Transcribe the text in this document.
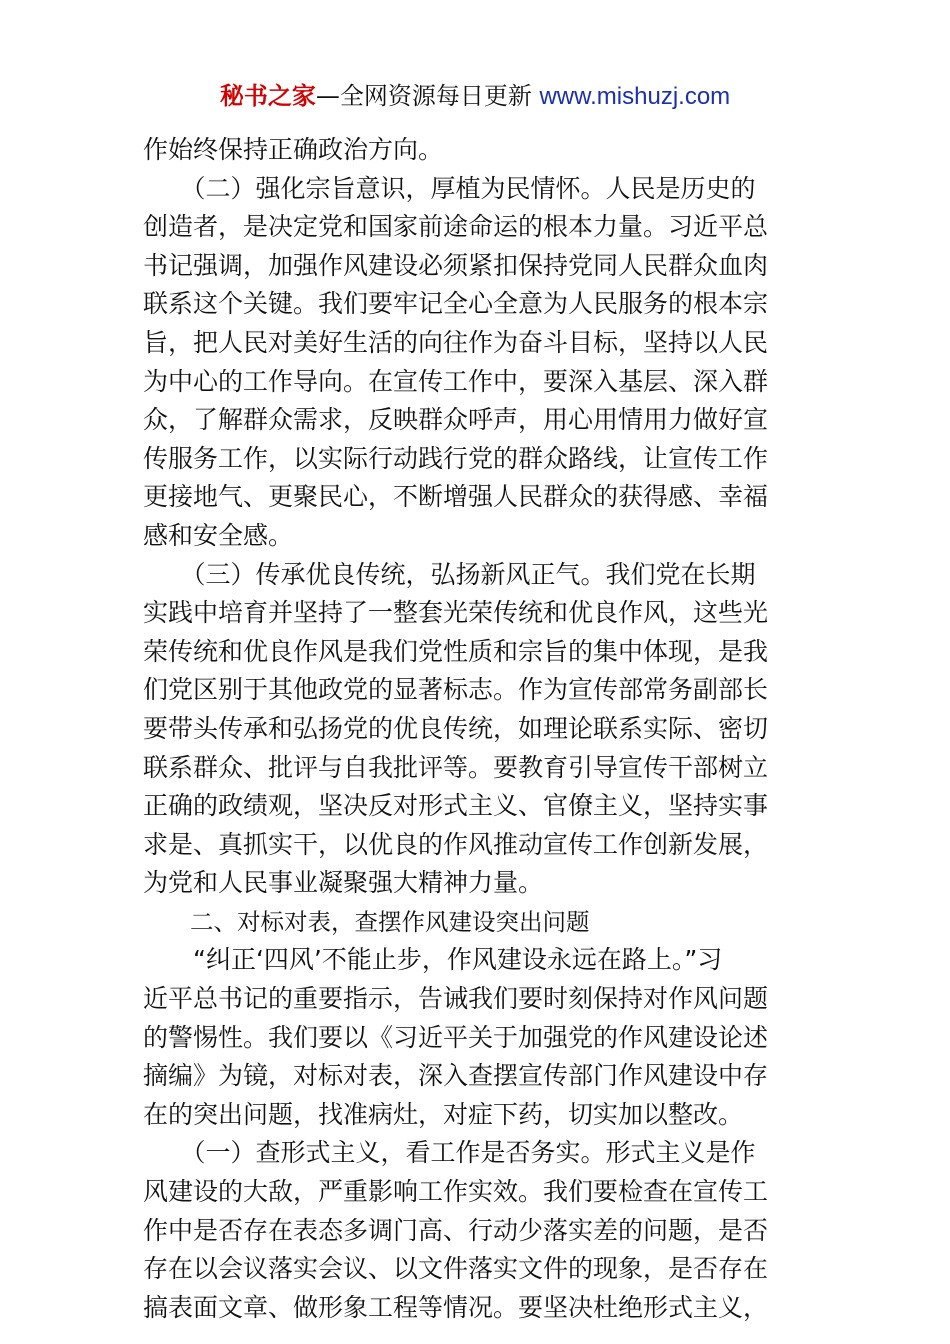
秘书之家—全网资源每日更新 www.mishuzj.com
作始终保持正确政治方向。
　　（二）强化宗旨意识，厚植为民情怀。人民是历史的
创造者，是决定党和国家前途命运的根本力量。习近平总
书记强调，加强作风建设必须紧扣保持党同人民群众血肉
联系这个关键。我们要牢记全心全意为人民服务的根本宗
旨，把人民对美好生活的向往作为奋斗目标，坚持以人民
为中心的工作导向。在宣传工作中，要深入基层、深入群
众，了解群众需求，反映群众呼声，用心用情用力做好宣
传服务工作，以实际行动践行党的群众路线，让宣传工作
更接地气、更聚民心，不断增强人民群众的获得感、幸福
感和安全感。
　　（三）传承优良传统，弘扬新风正气。我们党在长期
实践中培育并坚持了一整套光荣传统和优良作风，这些光
荣传统和优良作风是我们党性质和宗旨的集中体现，是我
们党区别于其他政党的显著标志。作为宣传部常务副部长
要带头传承和弘扬党的优良传统，如理论联系实际、密切
联系群众、批评与自我批评等。要教育引导宣传干部树立
正确的政绩观，坚决反对形式主义、官僚主义，坚持实事
求是、真抓实干，以优良的作风推动宣传工作创新发展，
为党和人民事业凝聚强大精神力量。
　　二、对标对表，查摆作风建设突出问题
　　“纠正‘四风’不能止步，作风建设永远在路上。”习
近平总书记的重要指示，告诫我们要时刻保持对作风问题
的警惕性。我们要以《习近平关于加强党的作风建设论述
摘编》为镜，对标对表，深入查摆宣传部门作风建设中存
在的突出问题，找准病灶，对症下药，切实加以整改。
　　（一）查形式主义，看工作是否务实。形式主义是作
风建设的大敌，严重影响工作实效。我们要检查在宣传工
作中是否存在表态多调门高、行动少落实差的问题，是否
存在以会议落实会议、以文件落实文件的现象，是否存在
搞表面文章、做形象工程等情况。要坚决杜绝形式主义，
